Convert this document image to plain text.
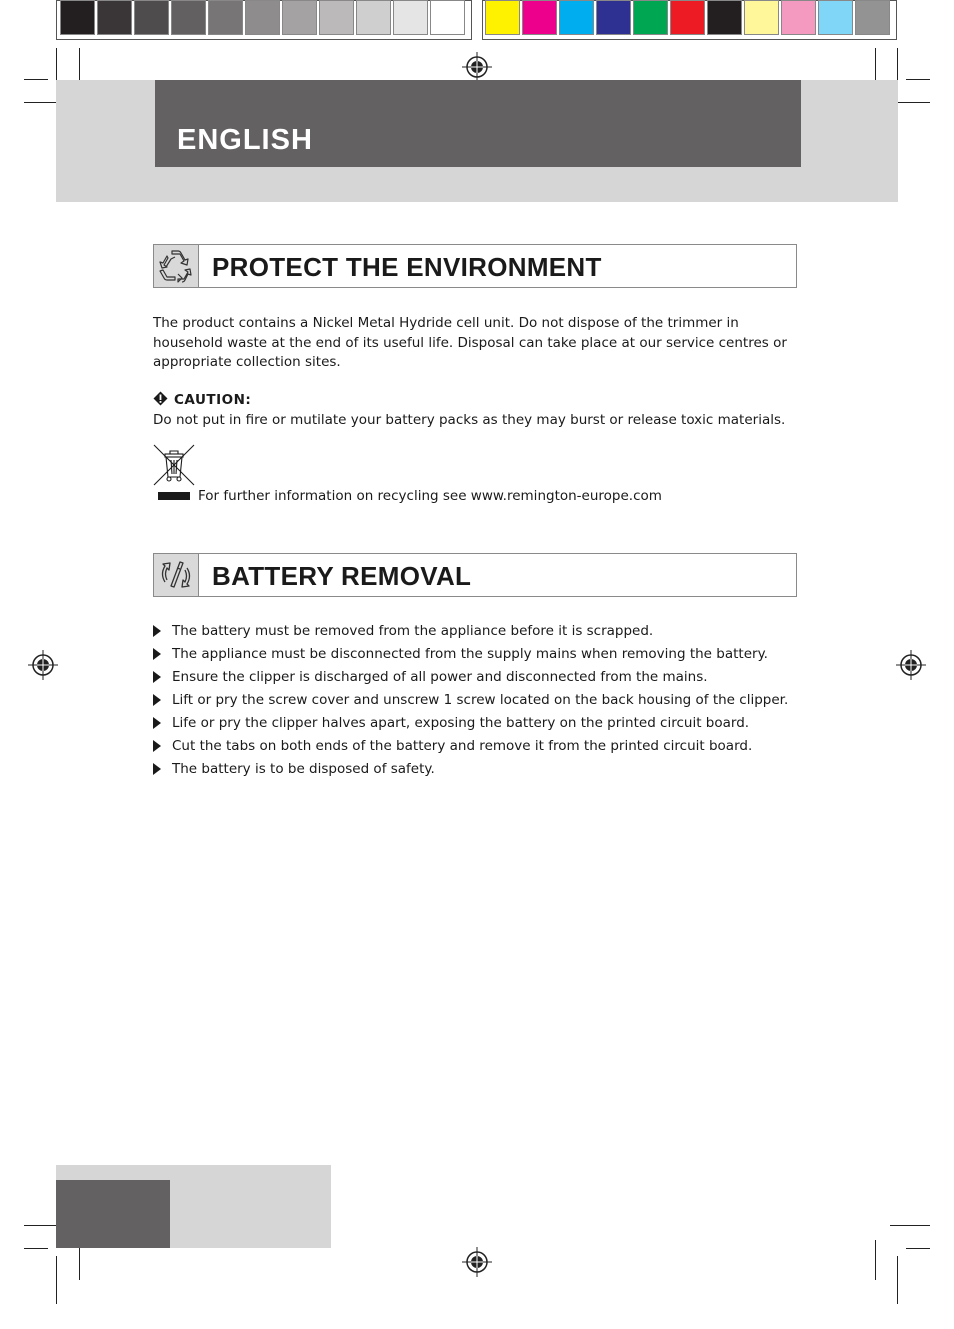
ENGLISH
PROTECT THE ENVIRONMENT
The product contains a Nickel Metal Hydride cell unit. Do not dispose of the trimmer in household waste at the end of its useful life. Disposal can take place at our service centres or appropriate collection sites.
CAUTION:
Do not put in fire or mutilate your battery packs as they may burst or release toxic materials.
For further information on recycling see www.remington-europe.com
BATTERY REMOVAL
The battery must be removed from the appliance before it is scrapped.
The appliance must be disconnected from the supply mains when removing the battery.
Ensure the clipper is discharged of all power and disconnected from the mains.
Lift or pry the screw cover and unscrew 1 screw located on the back housing of the clipper.
Life or pry the clipper halves apart, exposing the battery on the printed circuit board.
Cut the tabs on both ends of the battery and remove it from the printed circuit board.
The battery is to be disposed of safety.
